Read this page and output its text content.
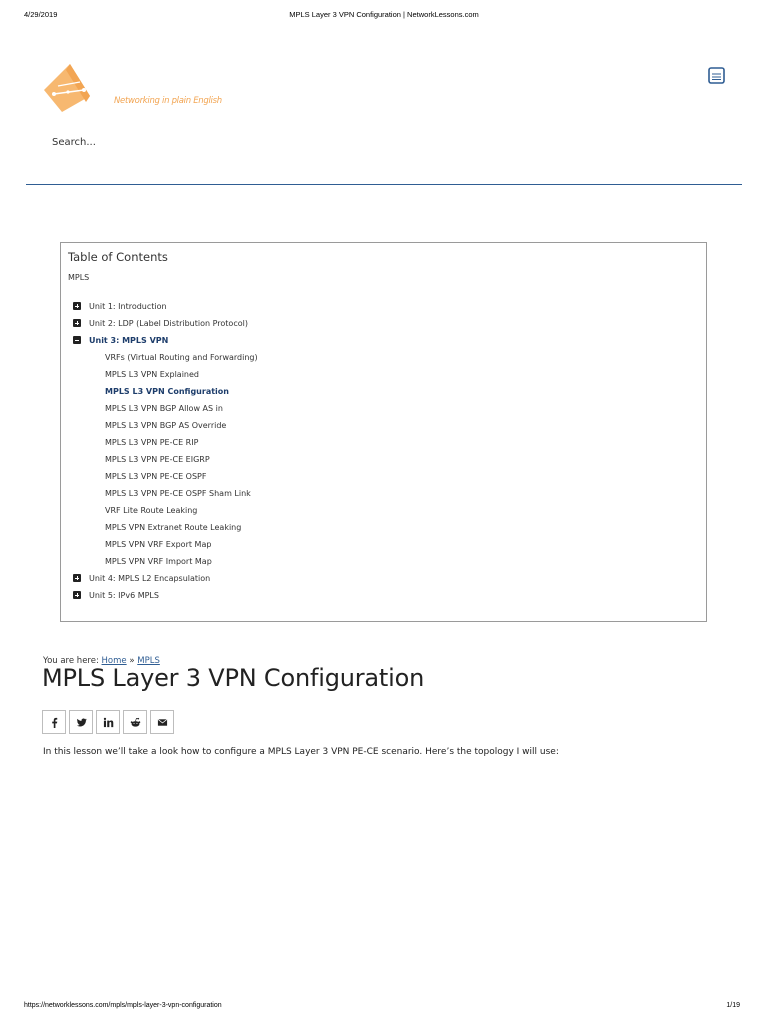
4/29/2019	MPLS Layer 3 VPN Configuration | NetworkLessons.com
Networking in plain English
Search...
Table of Contents
MPLS
Unit 1: Introduction
Unit 2: LDP (Label Distribution Protocol)
Unit 3: MPLS VPN
VRFs (Virtual Routing and Forwarding)
MPLS L3 VPN Explained
MPLS L3 VPN Configuration
MPLS L3 VPN BGP Allow AS in
MPLS L3 VPN BGP AS Override
MPLS L3 VPN PE-CE RIP
MPLS L3 VPN PE-CE EIGRP
MPLS L3 VPN PE-CE OSPF
MPLS L3 VPN PE-CE OSPF Sham Link
VRF Lite Route Leaking
MPLS VPN Extranet Route Leaking
MPLS VPN VRF Export Map
MPLS VPN VRF Import Map
Unit 4: MPLS L2 Encapsulation
Unit 5: IPv6 MPLS
You are here: Home » MPLS
MPLS Layer 3 VPN Configuration

In this lesson we’ll take a look how to configure a MPLS Layer 3 VPN PE-CE scenario. Here’s the topology I will use:

https://networklessons.com/mpls/mpls-layer-3-vpn-configuration	1/19
